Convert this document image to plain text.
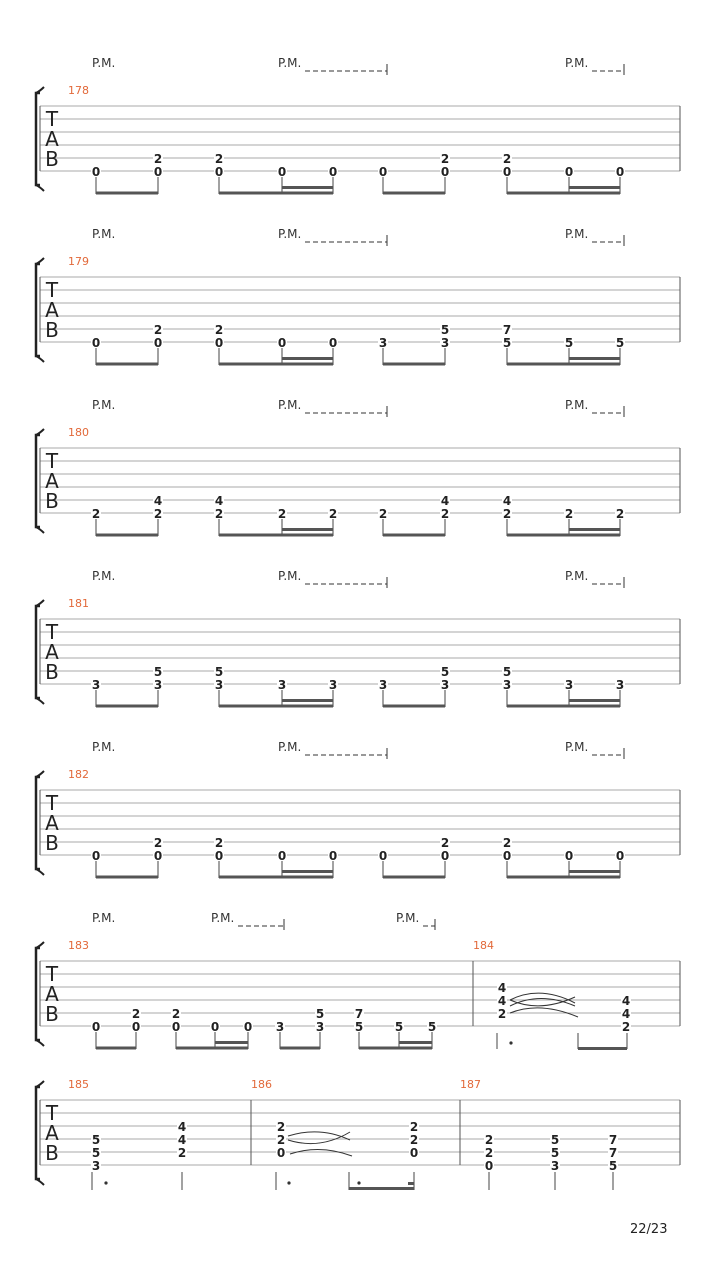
T
A
B
178
P.M.	P.M.	P.M.
0
2
0
2
0	0	0	0
2
0
2
0	0	0
T
A
B
179
P.M.	P.M.	P.M.
0
2
0
2
0	0	0	3
5
3
7
5	5	5
T
A
B
180
P.M.	P.M.	P.M.
2
4
2
4
2	2	2	2
4
2
4
2	2	2
T
A
B
181
P.M.	P.M.	P.M.
3
5
3
5
3	3	3	3
5
3
5
3	3	3
T
A
B
182
P.M.	P.M.	P.M.
0
2
0
2
0	0	0	0
2
0
2
0	0	0
T
A
B
183
P.M.	P.M.	P.M.
0
2
0
2
0	0 0 3
5
3
7
5	5 5
184
4
4
2
4
4
2
T
A
B
185
5
5
3
4
4
2
186
2
2
0
2
2
0
187
2
2
0
5
5
3
7
7
5
22/23
